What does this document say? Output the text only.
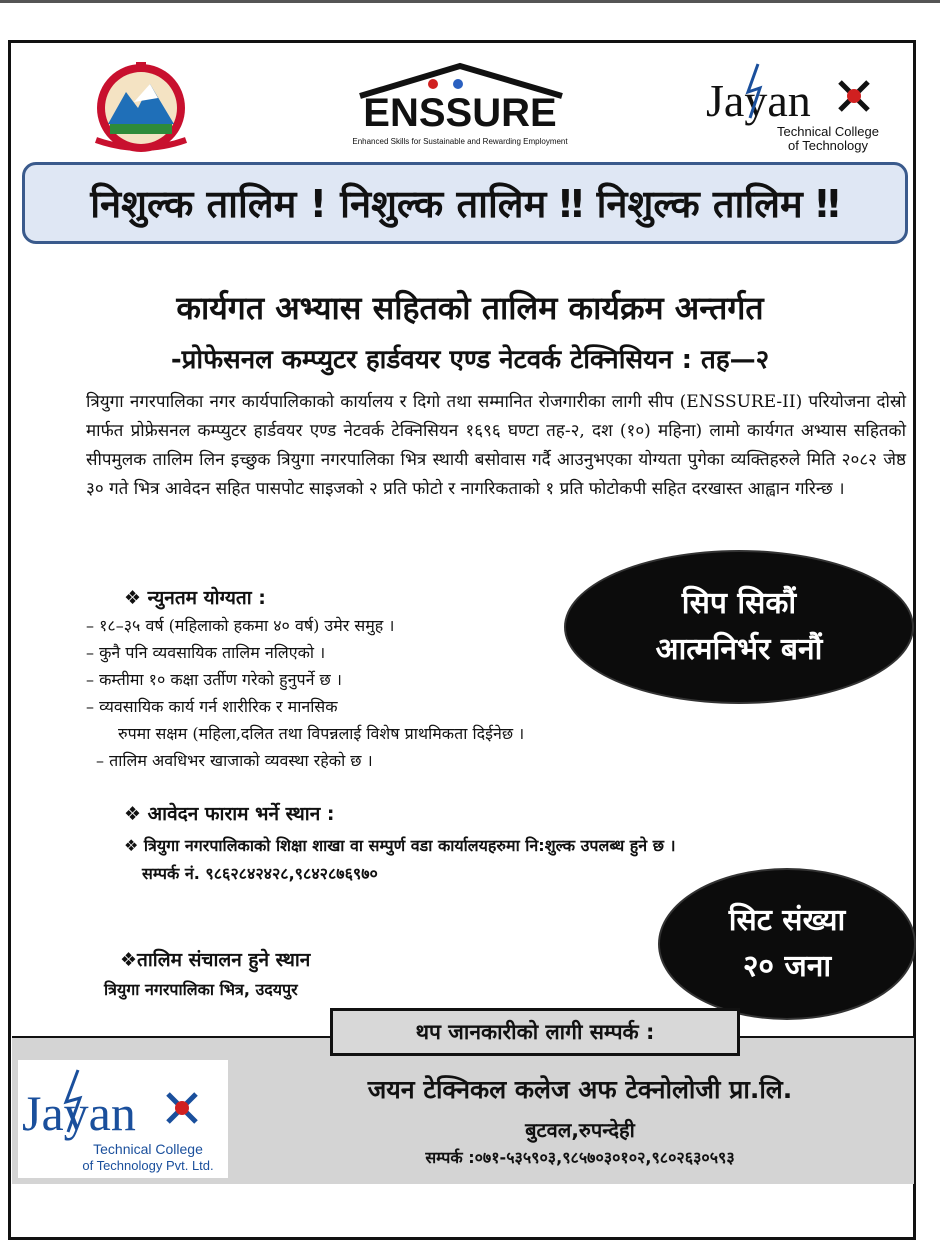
ENSSURE
Enhanced Skills for Sustainable and Rewarding Employment
Jayan
Technical College
of Technology
निशुल्क तालिम ! निशुल्क तालिम ‼ निशुल्क तालिम ‼
कार्यगत अभ्यास सहितको तालिम कार्यक्रम अन्तर्गत
-प्रोफेसनल कम्प्युटर हार्डवयर एण्ड नेटवर्क टेक्निसियन : तह—२
त्रियुगा नगरपालिका नगर कार्यपालिकाको कार्यालय र दिगो तथा सम्मानित रोजगारीका लागी सीप (ENSSURE-II) परियोजना दोस्रो मार्फत प्रोफ्रेसनल कम्प्युटर हार्डवयर एण्ड नेटवर्क टेक्निसियन १६९६ घण्टा तह-२, दश (१०) महिना) लामो कार्यगत अभ्यास सहितको सीपमुलक तालिम लिन इच्छुक त्रियुगा नगरपालिका भित्र स्थायी बसोवास गर्दै आउनुभएका योग्यता पुगेका व्यक्तिहरुले मिति २०८२ जेष्ठ ३० गते भित्र आवेदन सहित पासपोट साइजको २ प्रति फोटो र नागरिकताको १ प्रति फोटोकपी सहित दरखास्त आह्वान गरिन्छ ।
❖ न्युनतम योग्यता :
– १८–३५ वर्ष (महिलाको हकमा ४० वर्ष) उमेर समुह ।
– कुनै पनि व्यवसायिक तालिम नलिएको ।
– कम्तीमा १० कक्षा उर्तीण गरेको हुनुपर्ने छ ।
– व्यवसायिक कार्य गर्न शारीरिक र मानसिक
रुपमा सक्षम (महिला,दलित तथा विपन्नलाई विशेष प्राथमिकता दिईनेछ ।
– तालिम अवधिभर खाजाको व्यवस्था रहेको छ ।
सिप सिकौं
आत्मनिर्भर बनौं
❖ आवेदन फाराम भर्ने स्थान :
❖ त्रियुगा नगरपालिकाको शिक्षा शाखा वा सम्पुर्ण वडा कार्यालयहरुमा नि:शुल्क उपलब्ध हुने छ ।
सम्पर्क नं. ९८६२८४२४२८,९८४२८७६९७०
सिट संख्या
२० जना
❖तालिम संचालन हुने स्थान
त्रियुगा नगरपालिका भित्र, उदयपुर
थप जानकारीको लागी सम्पर्क :
Jayan
Technical College
of Technology Pvt. Ltd.
जयन टेक्निकल कलेज अफ टेक्नोलोजी प्रा.लि.
बुटवल,रुपन्देही
सम्पर्क :०७१-५३५९०३,९८५७०३०१०२,९८०२६३०५९३
